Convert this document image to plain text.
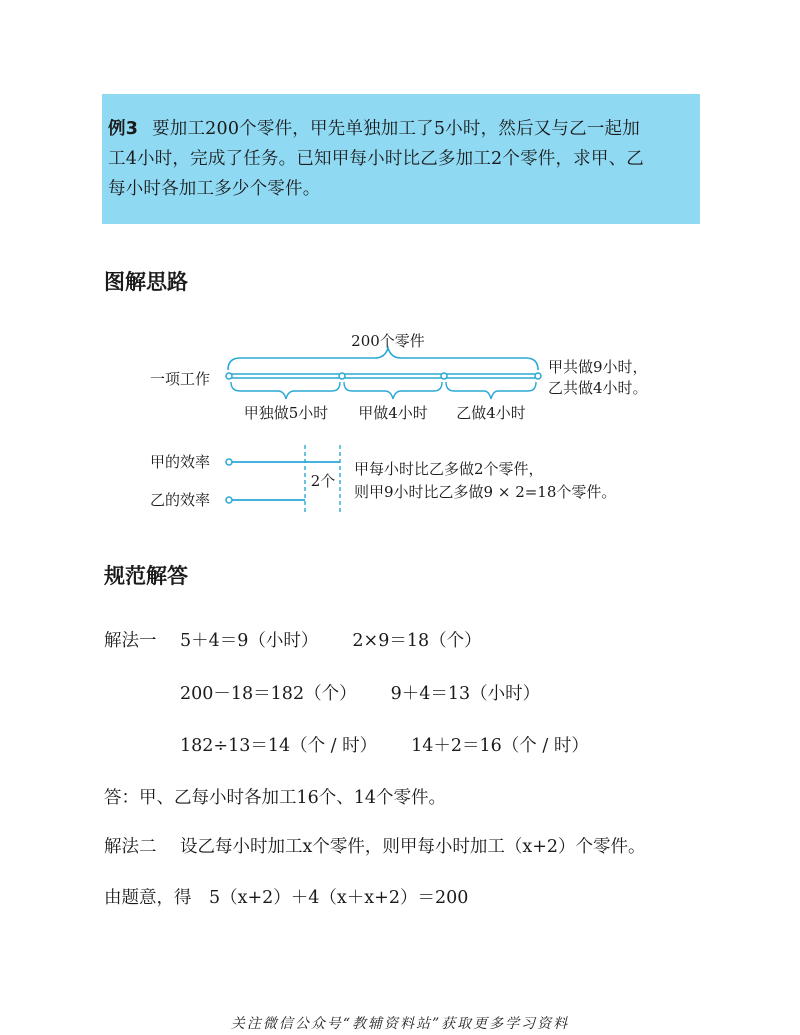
例3 要加工200个零件，甲先单独加工了5小时，然后又与乙一起加
工4小时，完成了任务。已知甲每小时比乙多加工2个零件，求甲、乙
每小时各加工多少个零件。
图解思路
200个零件
一项工作
甲共做9小时，
乙共做4小时。
甲独做5小时 甲做4小时 乙做4小时
甲的效率
乙的效率
2个
甲每小时比乙多做2个零件，
则甲9小时比乙多做9 × 2=18个零件。
规范解答
解法一 5＋4＝9（小时） 2×9＝18（个）
200－18＝182（个） 9＋4＝13（小时）
182÷13＝14（个 / 时） 14＋2＝16（个 / 时）
答：甲、乙每小时各加工16个、14个零件。
解法二 设乙每小时加工x个零件，则甲每小时加工（x+2）个零件。
由题意，得　5（x+2）＋4（x＋x+2）＝200
关注微信公众号“教辅资料站”获取更多学习资料
